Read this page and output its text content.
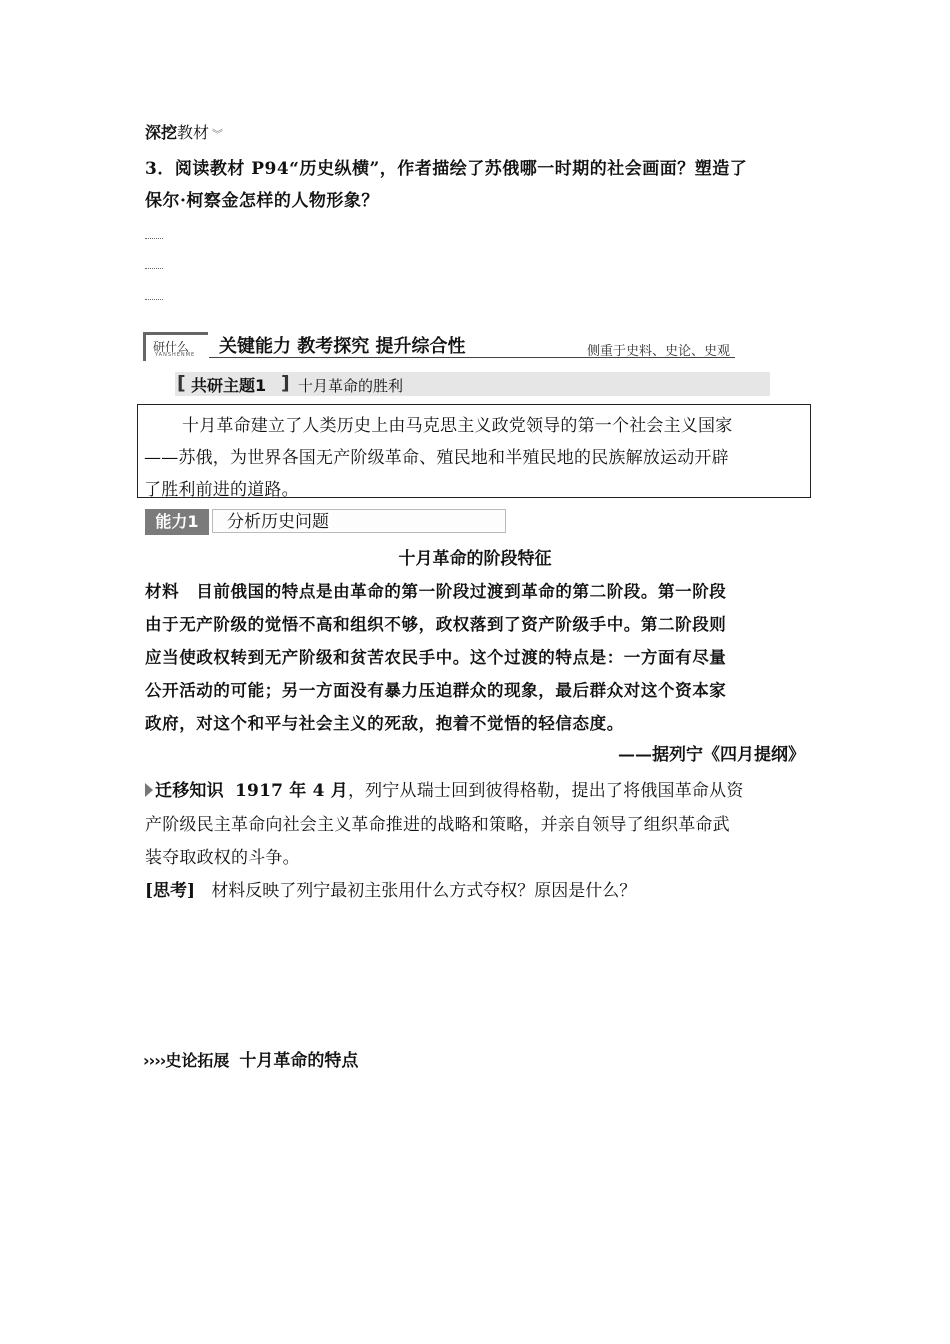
深挖教材 ︾
3．阅读教材 P94“历史纵横”，作者描绘了苏俄哪一时期的社会画面？塑造了
保尔·柯察金怎样的人物形象？
研什么
YANSHENME 关键能力 教考探究 提升综合性	侧重于史料、史论、史观
[ 共研主题1 ] 十月革命的胜利
十月革命建立了人类历史上由马克思主义政党领导的第一个社会主义国家
——苏俄，为世界各国无产阶级革命、殖民地和半殖民地的民族解放运动开辟
了胜利前进的道路。
能力1	分析历史问题
十月革命的阶段特征
材料　目前俄国的特点是由革命的第一阶段过渡到革命的第二阶段。第一阶段
由于无产阶级的觉悟不高和组织不够，政权落到了资产阶级手中。第二阶段则
应当使政权转到无产阶级和贫苦农民手中。这个过渡的特点是：一方面有尽量
公开活动的可能；另一方面没有暴力压迫群众的现象，最后群众对这个资本家
政府，对这个和平与社会主义的死敌，抱着不觉悟的轻信态度。
——据列宁《四月提纲》
迁移知识 1917 年 4 月，列宁从瑞士回到彼得格勒，提出了将俄国革命从资
产阶级民主革命向社会主义革命推进的战略和策略，并亲自领导了组织革命武
装夺取政权的斗争。
[思考] 材料反映了列宁最初主张用什么方式夺权？原因是什么？
››››史论拓展 十月革命的特点
